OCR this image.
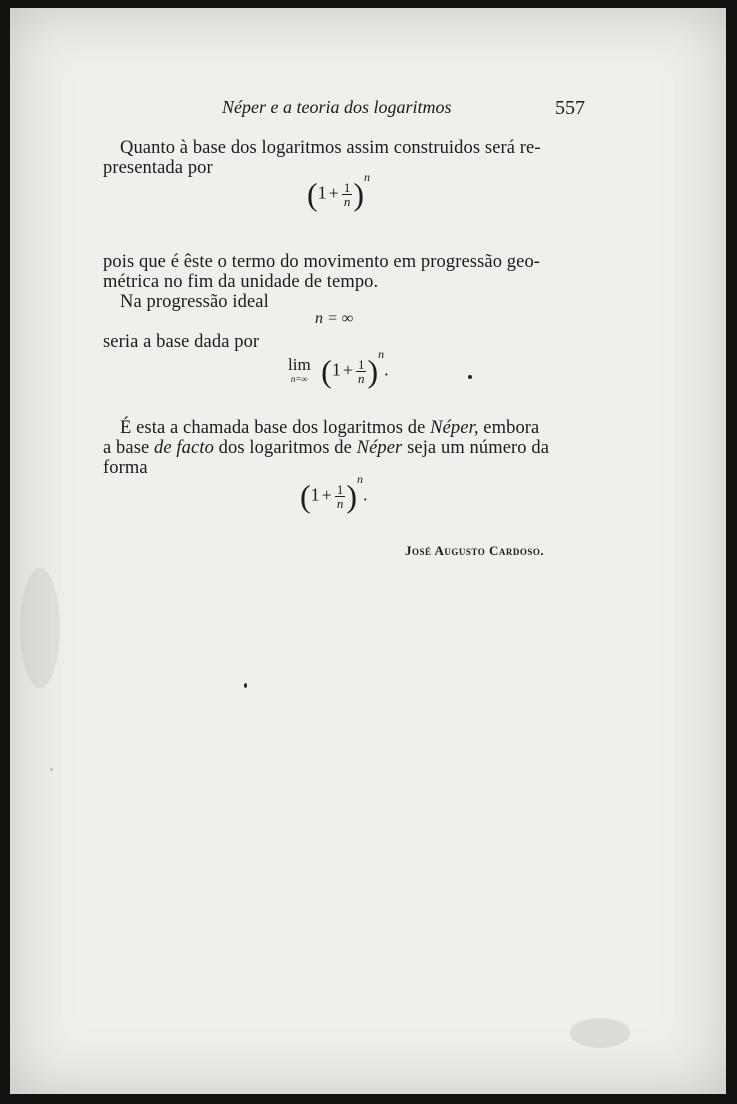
Néper e a teoria dos logaritmos	557
Quanto à base dos logaritmos assim construidos será re-
presentada por
$(1 + \frac{1}{n} )^n$
pois que é êste o termo do movimento em progressão geo-
métrica no fim da unidade de tempo.
Na progressão ideal
n = ∞
seria a base dada por
lim
n=∞ $(1 + \frac{1}{n} )^n$.
É esta a chamada base dos logaritmos de Néper, embora
a base de facto dos logaritmos de Néper seja um número da
forma
$(1 + \frac{1}{n} )^n$.
José Augusto Cardoso.
